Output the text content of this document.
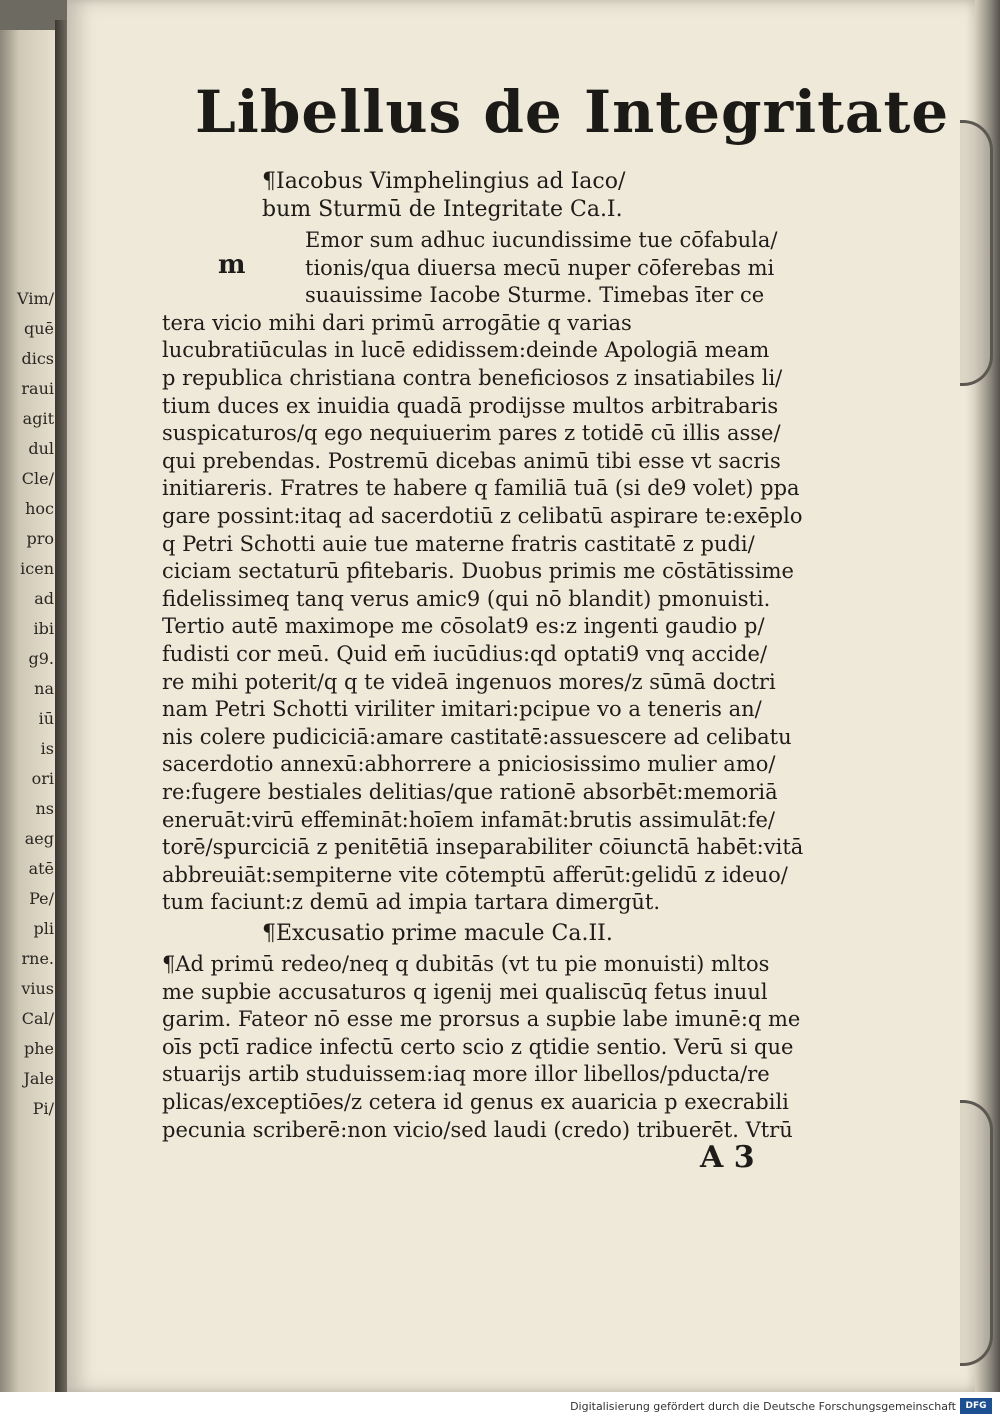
Vim/
quē
dics
raui
agit
dul
Cle/
hoc
pro
icen
ad
ibi
g9.
na
iū
is
ori
ns
aeg
atē
Pe/
pli
rne.
vius
Cal/
phe
Jale
Pi/
Libellus de Integritate
¶Iacobus Vimphelingius ad Iaco/
bum Sturmū de Integritate Ca.I.
m
Emor sum adhuc iucundissime tue cōfabula/
tionis/qua diuersa mecū nuper cōferebas mi
suauissime Iacobe Sturme. Timebas īter ce
tera vicio mihi dari primū arrogātie q varias
lucubratiūculas in lucē edidissem:deinde Apologiā meam
p republica christiana contra beneficiosos z insatiabiles li/
tium duces ex inuidia quadā prodijsse multos arbitrabaris
suspicaturos/q ego nequiuerim pares z totidē cū illis asse/
qui prebendas. Postremū dicebas animū tibi esse vt sacris
initiareris. Fratres te habere q familiā tuā (si de9 volet) ppa
gare possint:itaq ad sacerdotiū z celibatū aspirare te:exēplo
q Petri Schotti auie tue materne fratris castitatē z pudi/
ciciam sectaturū pfitebaris. Duobus primis me cōstātissime
fidelissimeq tanq verus amic9 (qui nō blandit) pmonuisti.
Tertio autē maximope me cōsolat9 es:z ingenti gaudio p/
fudisti cor meū. Quid em̄ iucūdius:qd optati9 vnq accide/
re mihi poterit/q q te videā ingenuos mores/z sūmā doctri
nam Petri Schotti viriliter imitari:pcipue vo a teneris an/
nis colere pudiciciā:amare castitatē:assuescere ad celibatu
sacerdotio annexū:abhorrere a pniciosissimo mulier amo/
re:fugere bestiales delitias/que rationē absorbēt:memoriā
eneruāt:virū effemināt:hoīem infamāt:brutis assimulāt:fe/
torē/spurciciā z penitētiā inseparabiliter cōiunctā habēt:vitā
abbreuiāt:sempiterne vite cōtemptū afferūt:gelidū z ideuo/
tum faciunt:z demū ad impia tartara dimergūt.
¶Excusatio prime macule Ca.II.
¶Ad primū redeo/neq q dubitās (vt tu pie monuisti) mltos
me supbie accusaturos q igenij mei qualiscūq fetus inuul
garim. Fateor nō esse me prorsus a supbie labe imunē:q me
oīs pctī radice infectū certo scio z qtidie sentio. Verū si que
stuarijs artib studuissem:iaq more illor libellos/pducta/re
plicas/exceptiōes/z cetera id genus ex auaricia p execrabili
pecunia scriberē:non vicio/sed laudi (credo) tribuerēt. Vtrū
A 3
Digitalisierung gefördert durch die Deutsche Forschungsgemeinschaft	DFG
